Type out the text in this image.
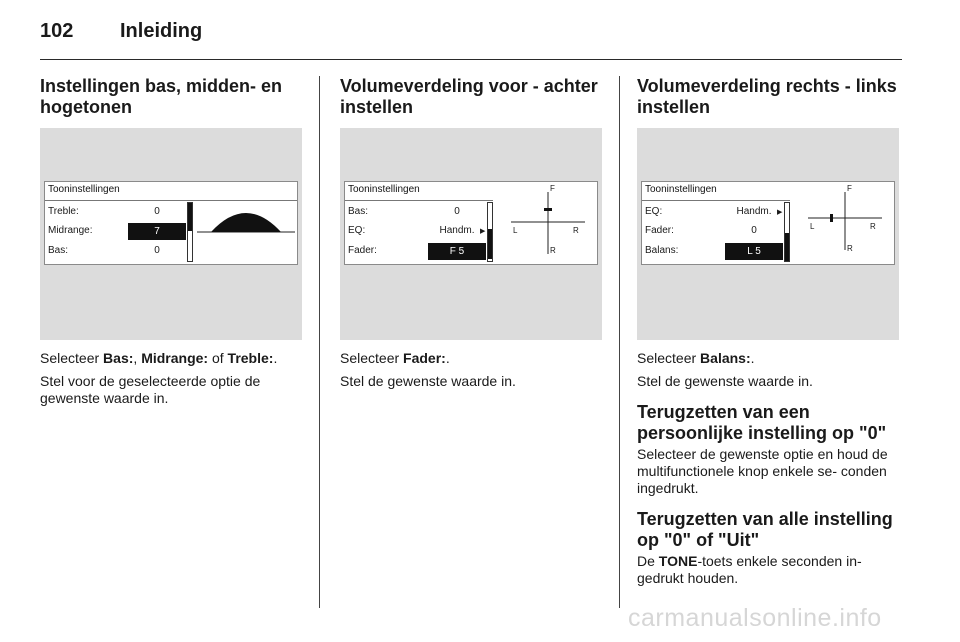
102 Inleiding
Instellingen bas, midden- en hogetonen
Tooninstellingen
Treble:	0
Midrange:	7
Bas:	0

Selecteer Bas:, Midrange: of Treble:.

Stel voor de geselecteerde optie de gewenste waarde in.

Volumeverdeling voor - achter instellen
Tooninstellingen
Bas:	0
EQ:	Handm. ▶
Fader:	F 5
F
L	R
R

Selecteer Fader:.

Stel de gewenste waarde in.

Volumeverdeling rechts - links instellen
Tooninstellingen
EQ:	Handm. ▶
Fader:	0
Balans:	L 5
F
L	R
R

Selecteer Balans:.

Stel de gewenste waarde in.

Terugzetten van een persoonlijke instelling op "0"

Selecteer de gewenste optie en houd de multifunctionele knop enkele se- conden ingedrukt.

Terugzetten van alle instelling op "0" of "Uit"

De TONE-toets enkele seconden in- gedrukt houden.

carmanualsonline.info
